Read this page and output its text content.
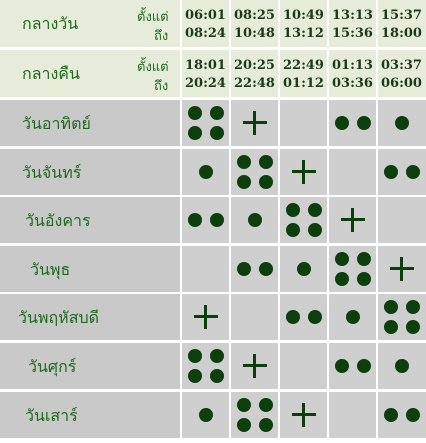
กลางวัน	ตั้งแต่
ถึง
06:01
08:24
08:25
10:48
10:49
13:12
13:13
15:36
15:37
18:00
กลางคืน	ตั้งแต่
ถึง
18:01
20:24
20:25
22:48
22:49
01:12
01:13
03:36
03:37
06:00
วันอาทิตย์
วันจันทร์
วันอังคาร
วันพุธ
วันพฤหัสบดี
วันศุกร์
วันเสาร์
